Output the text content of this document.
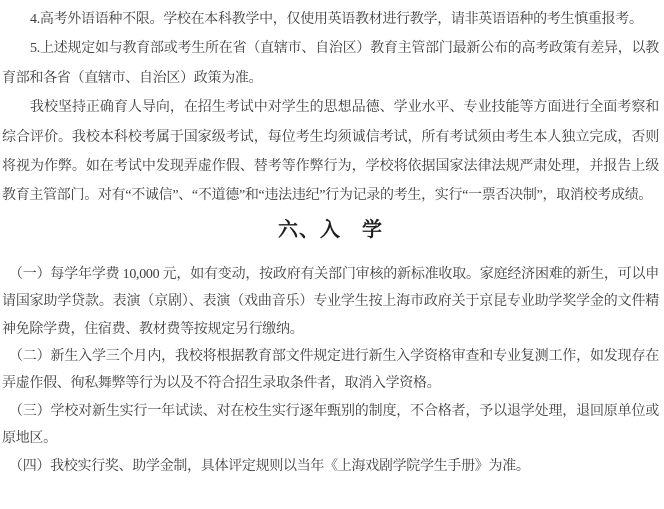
4.高考外语语种不限。学校在本科教学中，仅使用英语教材进行教学，请非英语语种的考生慎重报考。

5.上述规定如与教育部或考生所在省（直辖市、自治区）教育主管部门最新公布的高考政策有差异，以教育部和各省（直辖市、自治区）政策为准。

我校坚持正确育人导向，在招生考试中对学生的思想品德、学业水平、专业技能等方面进行全面考察和综合评价。我校本科校考属于国家级考试，每位考生均须诚信考试，所有考试须由考生本人独立完成，否则将视为作弊。如在考试中发现弄虚作假、替考等作弊行为，学校将依据国家法律法规严肃处理，并报告上级教育主管部门。对有“不诚信”、“不道德”和“违法违纪”行为记录的考生，实行“一票否决制”，取消校考成绩。

六、入　学

（一）每学年学费 10,000 元，如有变动，按政府有关部门审核的新标准收取。家庭经济困难的新生，可以申请国家助学贷款。表演（京剧）、表演（戏曲音乐）专业学生按上海市政府关于京昆专业助学奖学金的文件精神免除学费，住宿费、教材费等按规定另行缴纳。

（二）新生入学三个月内，我校将根据教育部文件规定进行新生入学资格审查和专业复测工作，如发现存在弄虚作假、徇私舞弊等行为以及不符合招生录取条件者，取消入学资格。

（三）学校对新生实行一年试读、对在校生实行逐年甄别的制度，不合格者，予以退学处理，退回原单位或原地区。

（四）我校实行奖、助学金制，具体评定规则以当年《上海戏剧学院学生手册》为准。
